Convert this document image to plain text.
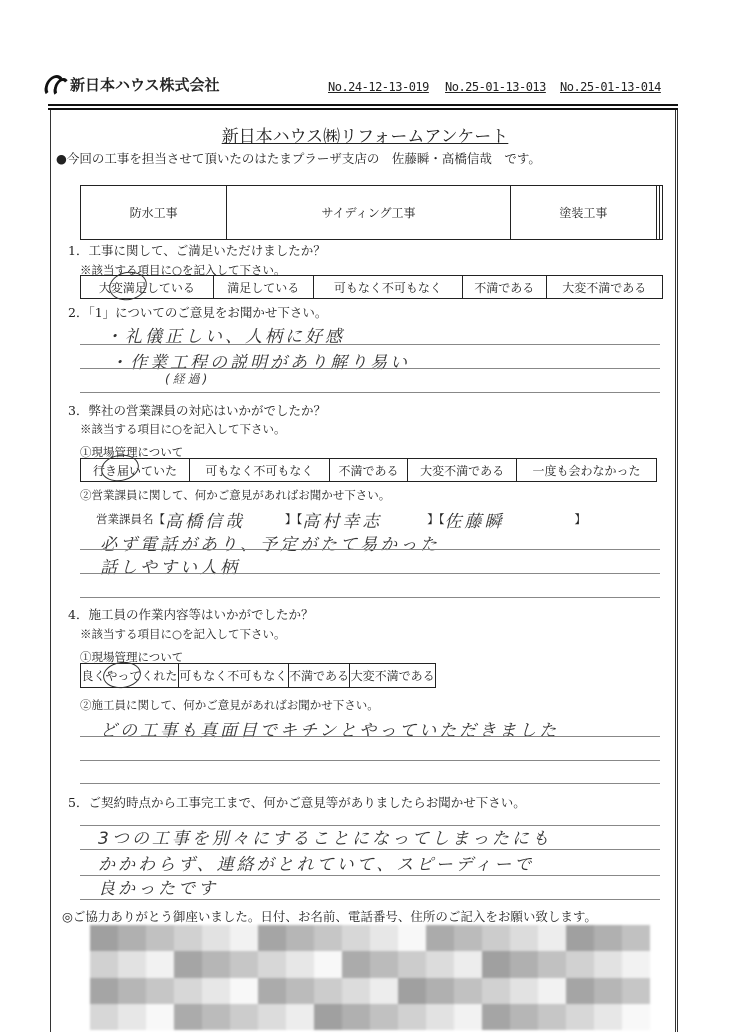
新日本ハウス株式会社	No.24-12-13-019 No.25-01-13-013 No.25-01-13-014
新日本ハウス㈱リフォームアンケート
●今回の工事を担当させて頂いたのはたまプラーザ支店の　佐藤瞬・高橋信哉　です。
防水工事	サイディング工事	塗装工事		
1．工事に関して、ご満足いただけましたか？
※該当する項目に○を記入して下さい。
大変満足している	満足している	可もなく不可もなく	不満である	大変不満である
2．「1」についてのご意見をお聞かせ下さい。
・礼儀正しい、人柄に好感
・作業工程の説明があり解り易い
(経過)
3．弊社の営業課員の対応はいかがでしたか？
※該当する項目に○を記入して下さい。
①現場管理について
行き届いていた	可もなく不可もなく	不満である	大変不満である	一度も会わなかった
②営業課員に関して、何かご意見があればお聞かせ下さい。
営業課員名 【 高橋信哉	】【 高村幸志	】【 佐藤瞬	】
必ず電話があり、予定がたて易かった
話しやすい人柄
4．施工員の作業内容等はいかがでしたか？
※該当する項目に○を記入して下さい。
①現場管理について
良くやってくれた	可もなく不可もなく	不満である	大変不満である
②施工員に関して、何かご意見があればお聞かせ下さい。
どの工事も真面目でキチンとやっていただきました
5．ご契約時点から工事完工まで、何かご意見等がありましたらお聞かせ下さい。
3つの工事を別々にすることになってしまったにも
かかわらず、連絡がとれていて、スピーディーで
良かったです
◎ご協力ありがとう御座いました。日付、お名前、電話番号、住所のご記入をお願い致します。
